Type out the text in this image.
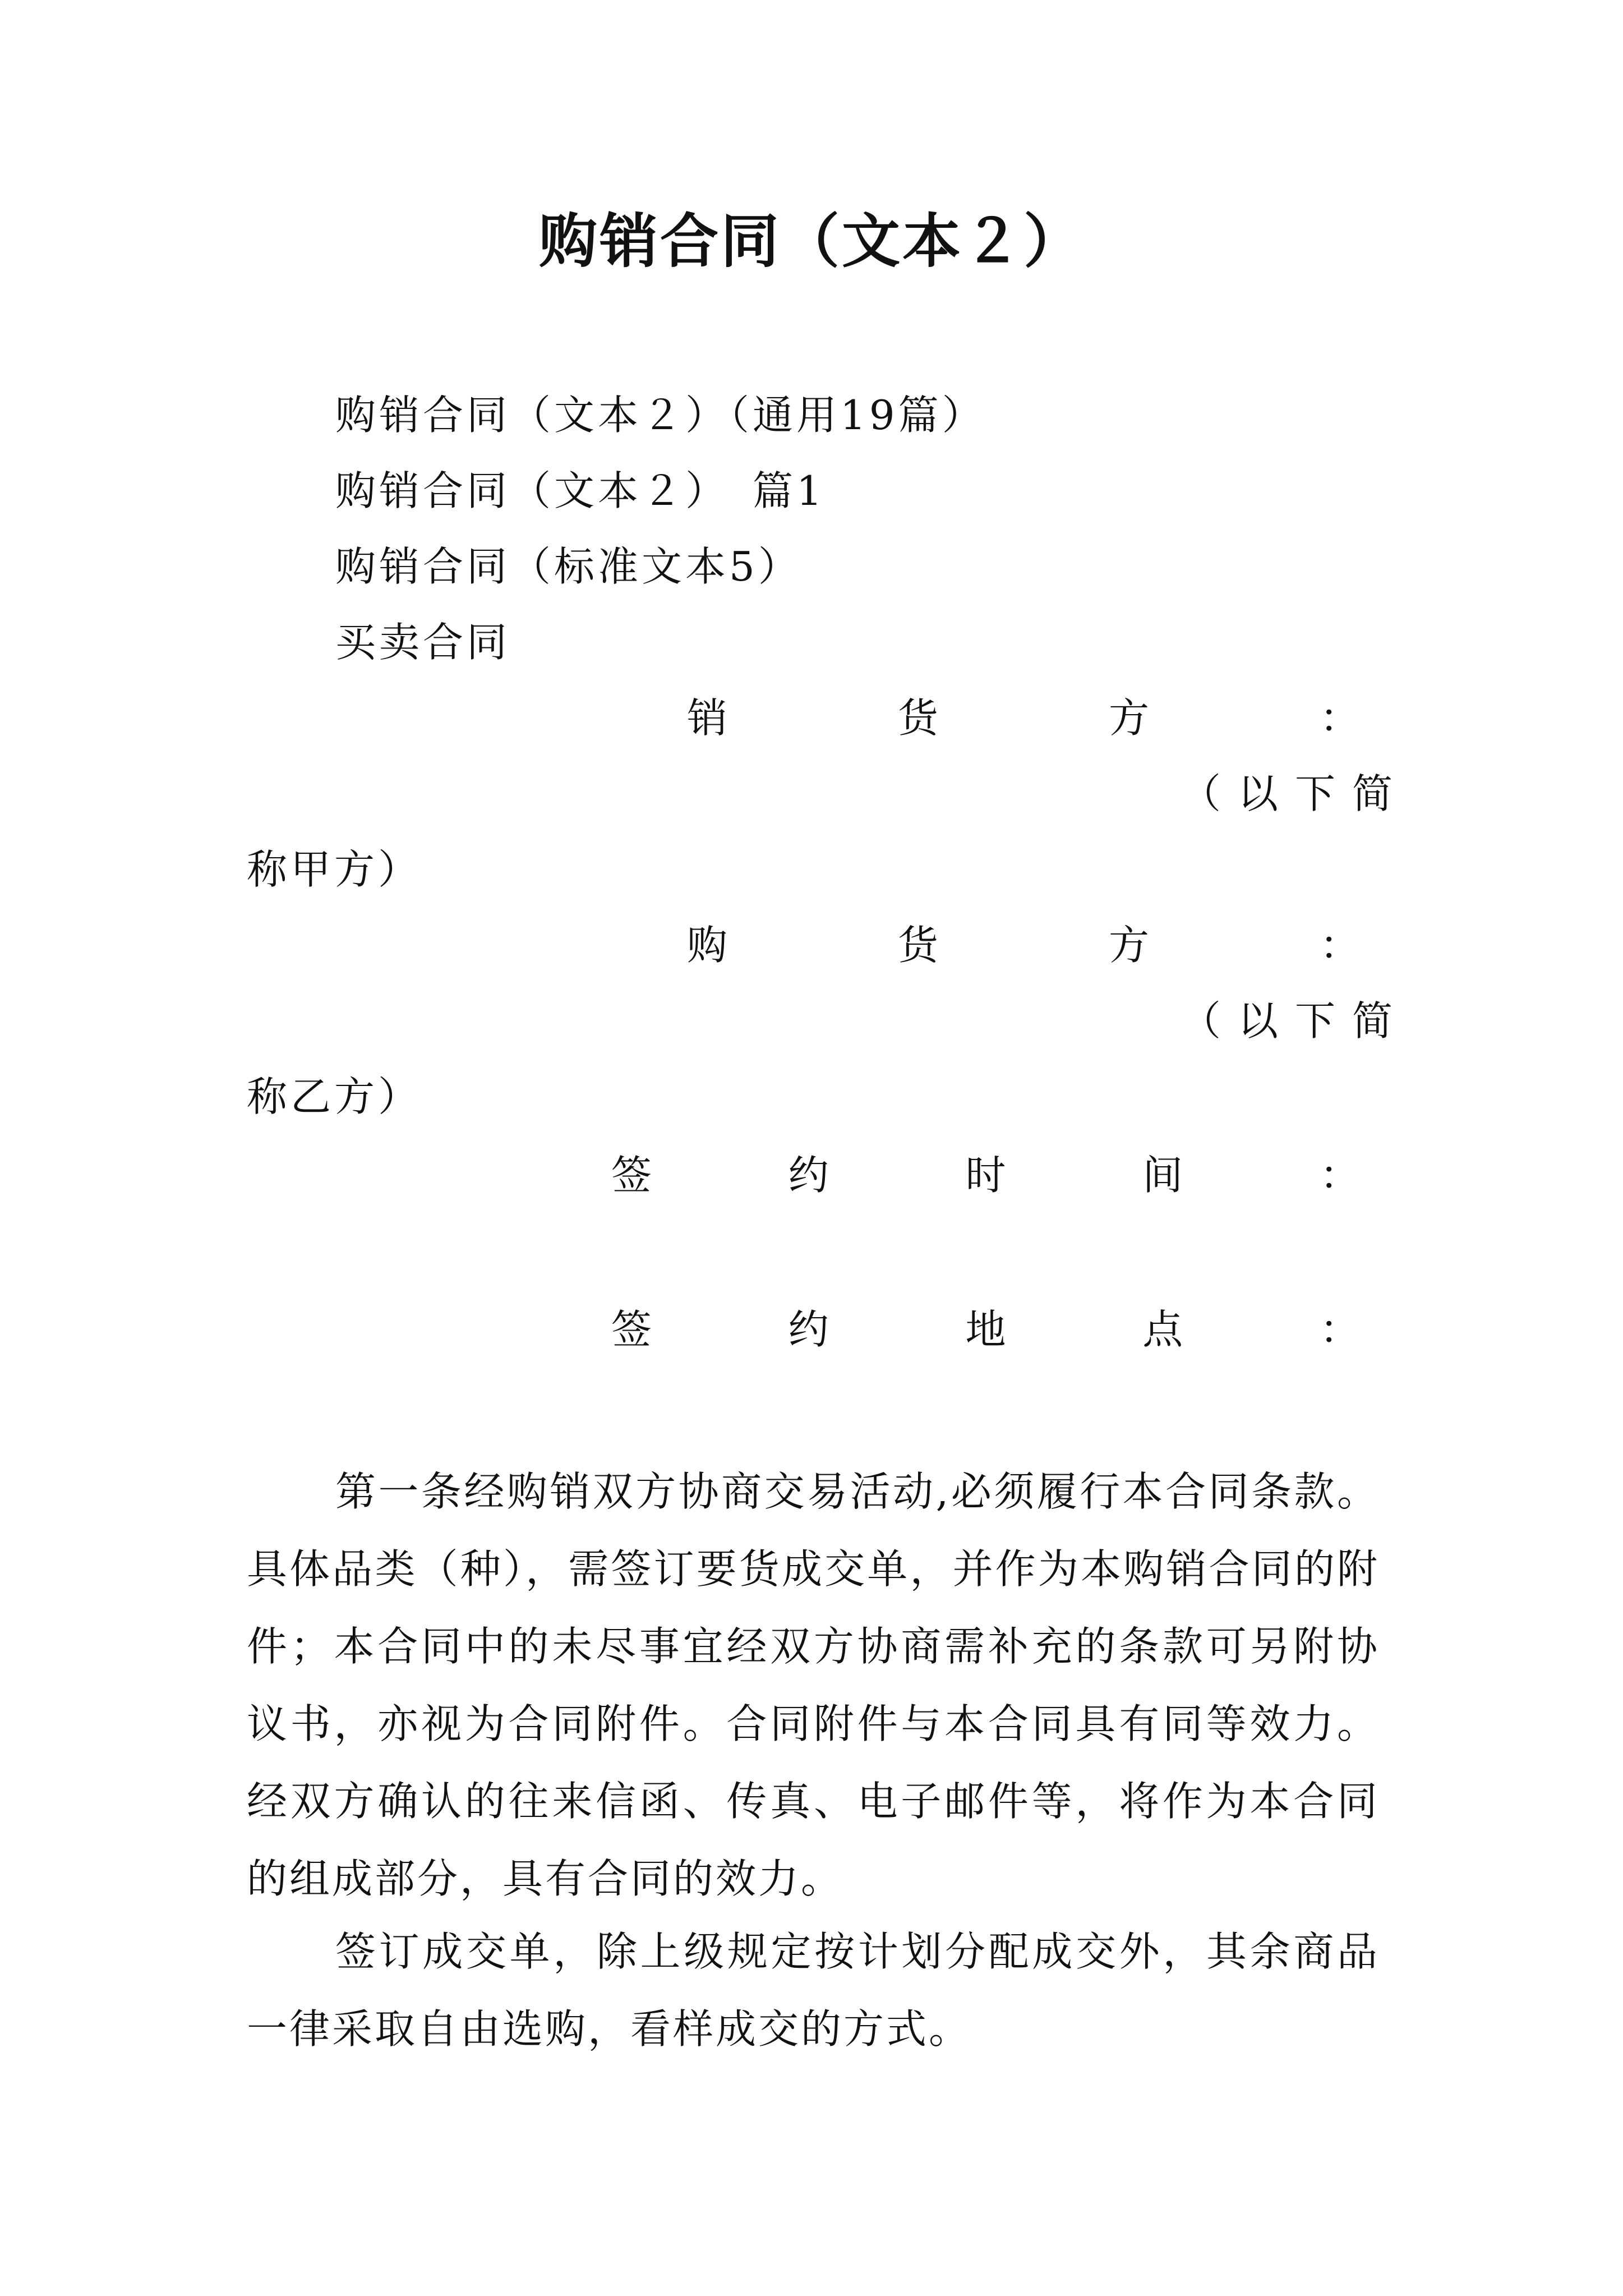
购销合同（文本２）
购销合同（文本２）（通用19篇）
购销合同（文本２）　篇1
购销合同（标准文本5）
买卖合同
销	货	方	：
（以下简
称甲方）
购	货	方	：
（以下简
称乙方）
签	约	时	间	：
签	约	地	点	：
第一条经购销双方协商交易活动,必须履行本合同条款。具体品类（种），需签订要货成交单，并作为本购销合同的附件；本合同中的未尽事宜经双方协商需补充的条款可另附协议书，亦视为合同附件。合同附件与本合同具有同等效力。经双方确认的往来信函、传真、电子邮件等，将作为本合同的组成部分，具有合同的效力。
签订成交单，除上级规定按计划分配成交外，其余商品一律采取自由选购，看样成交的方式。
